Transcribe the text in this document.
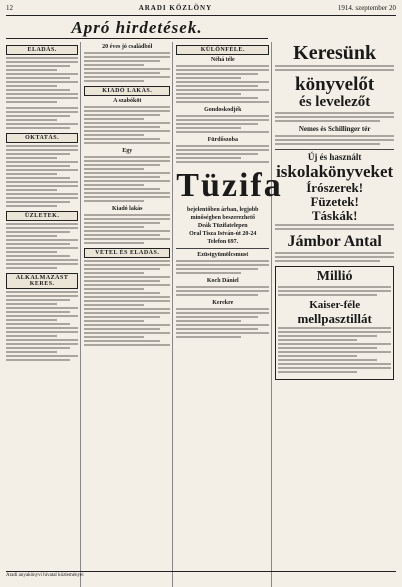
12	ARADI KÖZLÖNY	1914. szeptember 20
Apró hirdetések.
ELADÁS.
OKTATÁS.
ÜZLETEK.
ALKALMAZÁST KERES.
20 éves jó családból
KIADÓ LAKÁS.
A szabóköt
Egy
Kiadó lakás
VÉTEL ÉS ELADÁS.
KÜLÖNFÉLE.
Néhá téle
Gondoskodjék
Fürdőszoba
Tüzifa
bejelentőben árban, legjobb
minőségben beszerezhető
Deák Tüzifatelepen
Oral Tisza István-út 20-24
Telefon 697.
Ezüstgyümölcsmust
Koch Dániel
Kerekre
Keresünk
könyvelőt
és levelezőt
Nemes és Schillinger tér
Új és használt
iskolakönyveket
Írószerek!
Füzetek!
Táskák!
Jámbor Antal
Millió
Kaiser-féle
mellpasztillát
Aradi anyakönyvi hivatal közleményei
